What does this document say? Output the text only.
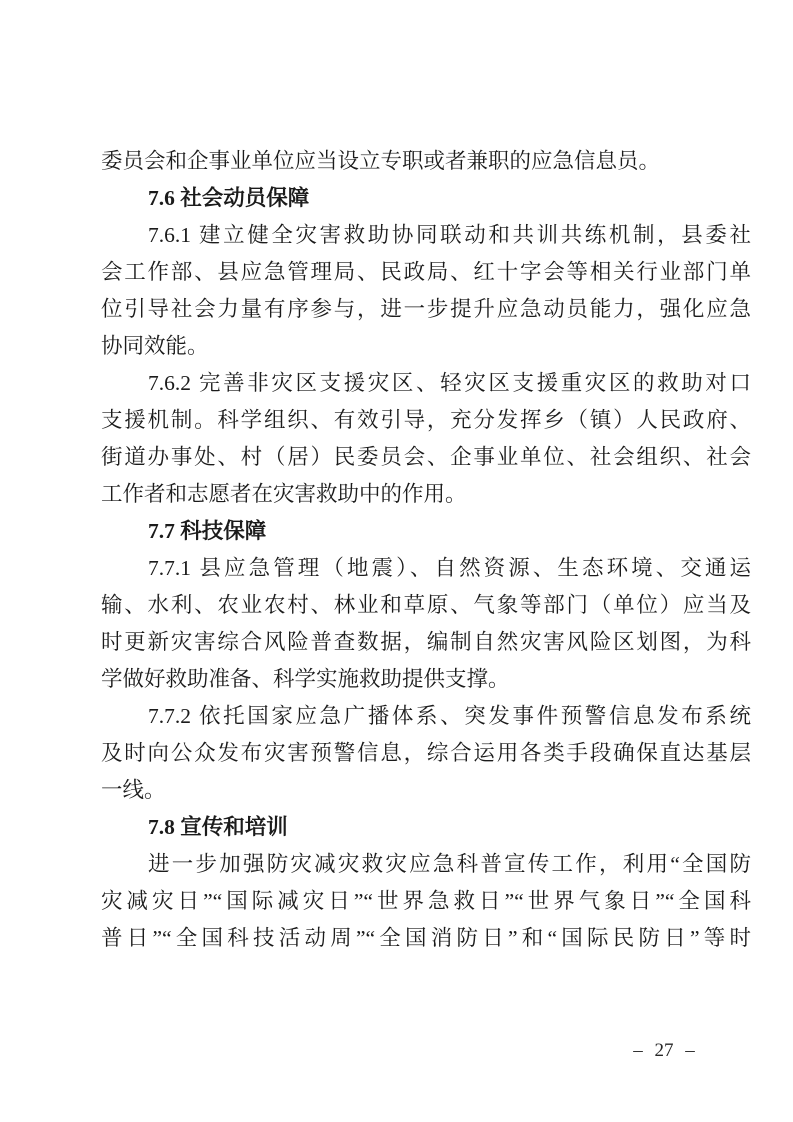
委员会和企事业单位应当设立专职或者兼职的应急信息员。
7.6 社会动员保障
7.6.1 建立健全灾害救助协同联动和共训共练机制，县委社
会工作部、县应急管理局、民政局、红十字会等相关行业部门单
位引导社会力量有序参与，进一步提升应急动员能力，强化应急
协同效能。
7.6.2 完善非灾区支援灾区、轻灾区支援重灾区的救助对口
支援机制。科学组织、有效引导，充分发挥乡（镇）人民政府、
街道办事处、村（居）民委员会、企事业单位、社会组织、社会
工作者和志愿者在灾害救助中的作用。
7.7 科技保障
7.7.1 县应急管理（地震）、自然资源、生态环境、交通运
输、水利、农业农村、林业和草原、气象等部门（单位）应当及
时更新灾害综合风险普查数据，编制自然灾害风险区划图，为科
学做好救助准备、科学实施救助提供支撑。
7.7.2 依托国家应急广播体系、突发事件预警信息发布系统
及时向公众发布灾害预警信息，综合运用各类手段确保直达基层
一线。
7.8 宣传和培训
进一步加强防灾减灾救灾应急科普宣传工作，利用“全国防
灾减灾日”“国际减灾日”“世界急救日”“世界气象日”“全国科
普日”“全国科技活动周”“全国消防日”和“国际民防日”等时
– 27 –
